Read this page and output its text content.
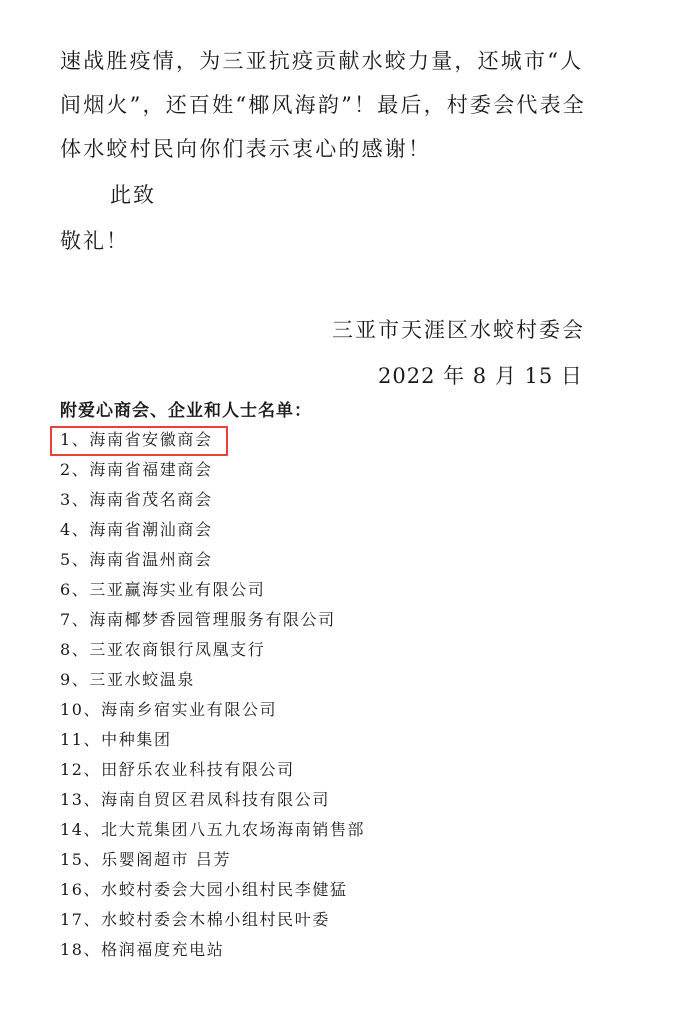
速战胜疫情，为三亚抗疫贡献水蛟力量，还城市“人
间烟火”，还百姓“椰风海韵”！最后，村委会代表全
体水蛟村民向你们表示衷心的感谢！
此致
敬礼！
三亚市天涯区水蛟村委会
2022 年 8 月 15 日
附爱心商会、企业和人士名单：
1、海南省安徽商会
2、海南省福建商会
3、海南省茂名商会
4、海南省潮汕商会
5、海南省温州商会
6、三亚赢海实业有限公司
7、海南椰梦香园管理服务有限公司
8、三亚农商银行凤凰支行
9、三亚水蛟温泉
10、海南乡宿实业有限公司
11、中种集团
12、田舒乐农业科技有限公司
13、海南自贸区君凤科技有限公司
14、北大荒集团八五九农场海南销售部
15、乐婴阁超市 吕芳
16、水蛟村委会大园小组村民李健猛
17、水蛟村委会木棉小组村民叶委
18、格润福度充电站
